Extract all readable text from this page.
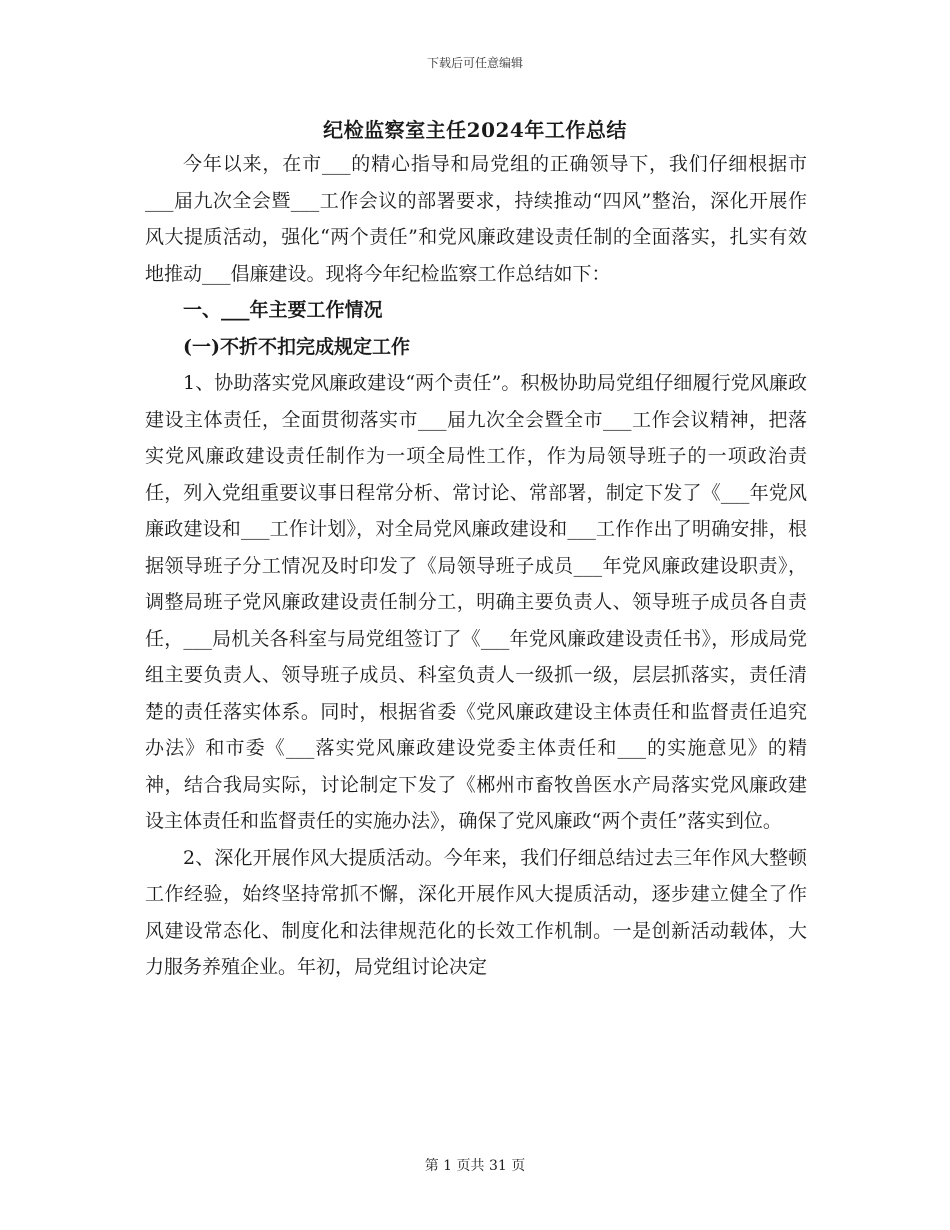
下载后可任意编辑
纪检监察室主任2024年工作总结

今年以来，在市___的精心指导和局党组的正确领导下，我们仔细根据市___届九次全会暨___工作会议的部署要求，持续推动“四风”整治，深化开展作风大提质活动，强化“两个责任”和党风廉政建设责任制的全面落实，扎实有效地推动___倡廉建设。现将今年纪检监察工作总结如下：

一、___年主要工作情况
(一)不折不扣完成规定工作

1、协助落实党风廉政建设“两个责任”。积极协助局党组仔细履行党风廉政建设主体责任，全面贯彻落实市___届九次全会暨全市___工作会议精神，把落实党风廉政建设责任制作为一项全局性工作，作为局领导班子的一项政治责任，列入党组重要议事日程常分析、常讨论、常部署，制定下发了《___年党风廉政建设和___工作计划》，对全局党风廉政建设和___工作作出了明确安排，根据领导班子分工情况及时印发了《局领导班子成员___年党风廉政建设职责》，调整局班子党风廉政建设责任制分工，明确主要负责人、领导班子成员各自责任，___局机关各科室与局党组签订了《___年党风廉政建设责任书》，形成局党组主要负责人、领导班子成员、科室负责人一级抓一级，层层抓落实，责任清楚的责任落实体系。同时，根据省委《党风廉政建设主体责任和监督责任追究办法》和市委《___落实党风廉政建设党委主体责任和___的实施意见》的精神，结合我局实际，讨论制定下发了《郴州市畜牧兽医水产局落实党风廉政建设主体责任和监督责任的实施办法》，确保了党风廉政“两个责任”落实到位。

2、深化开展作风大提质活动。今年来，我们仔细总结过去三年作风大整顿工作经验，始终坚持常抓不懈，深化开展作风大提质活动，逐步建立健全了作风建设常态化、制度化和法律规范化的长效工作机制。一是创新活动载体，大力服务养殖企业。年初，局党组讨论决定

第 1 页共 31 页
